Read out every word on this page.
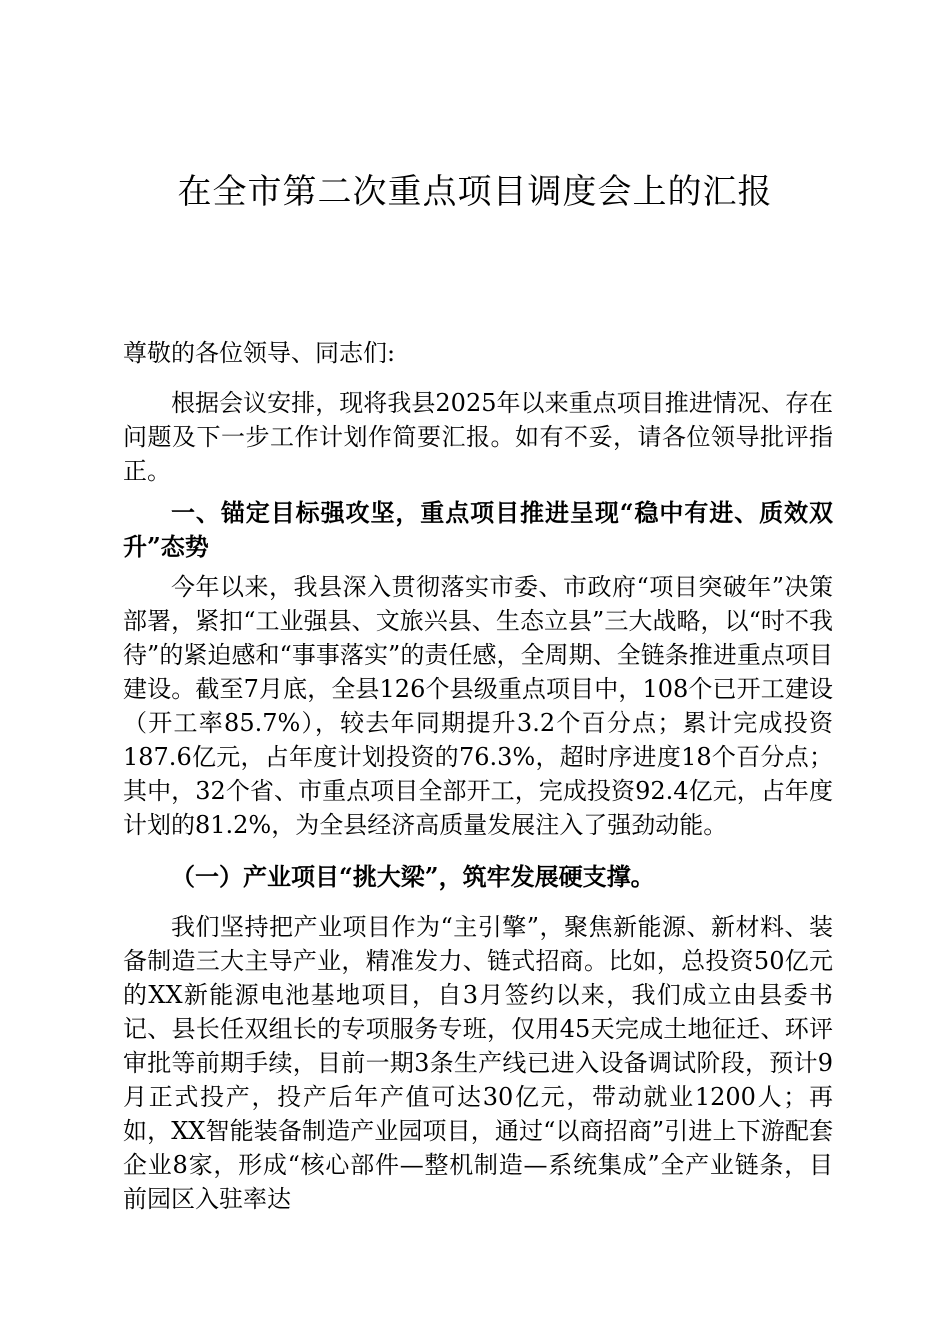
在全市第二次重点项目调度会上的汇报

尊敬的各位领导、同志们:

根据会议安排，现将我县2025年以来重点项目推进情况、存在问题及下一步工作计划作简要汇报。如有不妥，请各位领导批评指正。

一、锚定目标强攻坚，重点项目推进呈现“稳中有进、质效双升”态势

今年以来，我县深入贯彻落实市委、市政府“项目突破年”决策部署，紧扣“工业强县、文旅兴县、生态立县”三大战略，以“时不我待”的紧迫感和“事事落实”的责任感，全周期、全链条推进重点项目建设。截至7月底，全县126个县级重点项目中，108个已开工建设（开工率85.7%），较去年同期提升3.2个百分点；累计完成投资187.6亿元，占年度计划投资的76.3%，超时序进度18个百分点；其中，32个省、市重点项目全部开工，完成投资92.4亿元，占年度计划的81.2%，为全县经济高质量发展注入了强劲动能。

（一）产业项目“挑大梁”，筑牢发展硬支撑。

我们坚持把产业项目作为“主引擎”，聚焦新能源、新材料、装备制造三大主导产业，精准发力、链式招商。比如，总投资50亿元的XX新能源电池基地项目，自3月签约以来，我们成立由县委书记、县长任双组长的专项服务专班，仅用45天完成土地征迁、环评审批等前期手续，目前一期3条生产线已进入设备调试阶段，预计9月正式投产，投产后年产值可达30亿元，带动就业1200人；再如，XX智能装备制造产业园项目，通过“以商招商”引进上下游配套企业8家，形成“核心部件—整机制造—系统集成”全产业链条，目前园区入驻率达
